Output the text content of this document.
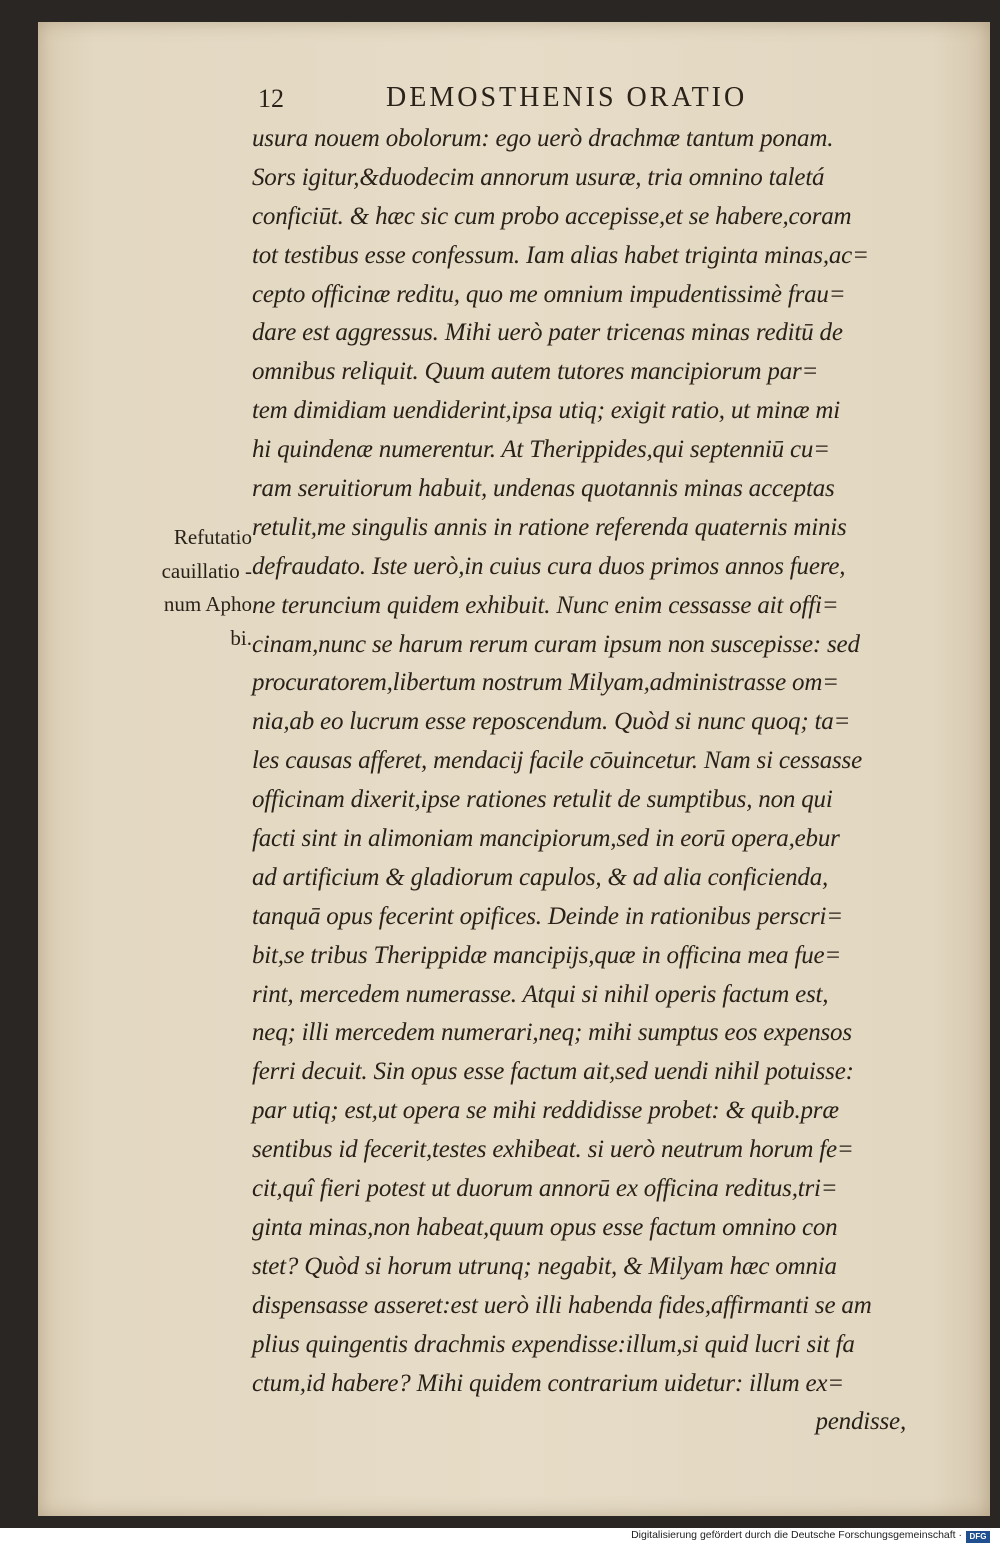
12	DEMOSTHENIS ORATIO
Refutatio
cauillatio -
num Apho
bi.
usura nouem obolorum: ego uerò drachmæ tantum ponam.
Sors igitur,&duodecim annorum usuræ, tria omnino taletá
conficiūt. & hæc sic cum probo accepisse,et se habere,coram
tot testibus esse confessum. Iam alias habet triginta minas,ac=
cepto officinæ reditu, quo me omnium impudentissimè frau=
dare est aggressus. Mihi uerò pater tricenas minas reditū de
omnibus reliquit. Quum autem tutores mancipiorum par=
tem dimidiam uendiderint,ipsa utiq; exigit ratio, ut minæ mi
hi quindenæ numerentur. At Therippides,qui septenniū cu=
ram seruitiorum habuit, undenas quotannis minas acceptas
retulit,me singulis annis in ratione referenda quaternis minis
defraudato. Iste uerò,in cuius cura duos primos annos fuere,
ne teruncium quidem exhibuit. Nunc enim cessasse ait offi=
cinam,nunc se harum rerum curam ipsum non suscepisse: sed
procuratorem,libertum nostrum Milyam,administrasse om=
nia,ab eo lucrum esse reposcendum. Quòd si nunc quoq; ta=
les causas afferet, mendacij facile cōuincetur. Nam si cessasse
officinam dixerit,ipse rationes retulit de sumptibus, non qui
facti sint in alimoniam mancipiorum,sed in eorū opera,ebur
ad artificium & gladiorum capulos, & ad alia conficienda,
tanquā opus fecerint opifices. Deinde in rationibus perscri=
bit,se tribus Therippidæ mancipijs,quæ in officina mea fue=
rint, mercedem numerasse. Atqui si nihil operis factum est,
neq; illi mercedem numerari,neq; mihi sumptus eos expensos
ferri decuit. Sin opus esse factum ait,sed uendi nihil potuisse:
par utiq; est,ut opera se mihi reddidisse probet: & quib.præ
sentibus id fecerit,testes exhibeat. si uerò neutrum horum fe=
cit,quî fieri potest ut duorum annorū ex officina reditus,tri=
ginta minas,non habeat,quum opus esse factum omnino con
stet? Quòd si horum utrunq; negabit, & Milyam hæc omnia
dispensasse asseret:est uerò illi habenda fides,affirmanti se am
plius quingentis drachmis expendisse:illum,si quid lucri sit fa
ctum,id habere? Mihi quidem contrarium uidetur: illum ex=
pendisse,
Digitalisierung gefördert durch die Deutsche Forschungsgemeinschaft · DFG
